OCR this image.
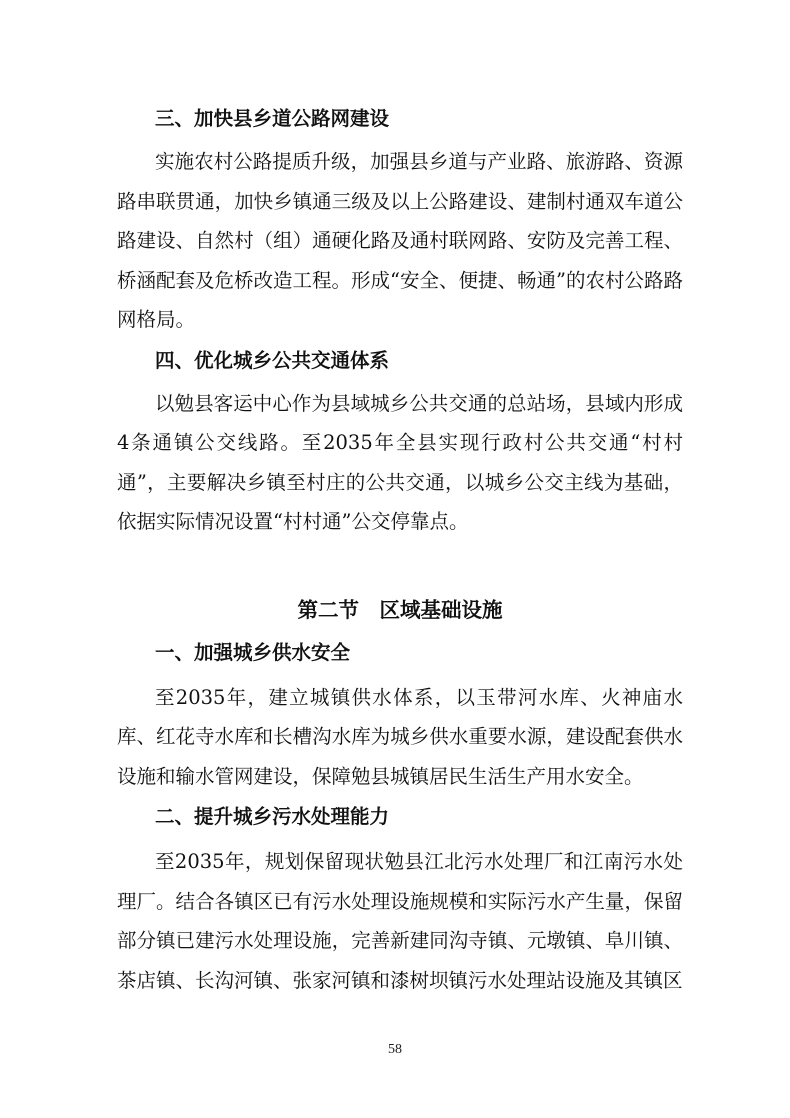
三、加快县乡道公路网建设

实施农村公路提质升级，加强县乡道与产业路、旅游路、资源路串联贯通，加快乡镇通三级及以上公路建设、建制村通双车道公路建设、自然村（组）通硬化路及通村联网路、安防及完善工程、桥涵配套及危桥改造工程。形成“安全、便捷、畅通”的农村公路路网格局。

四、优化城乡公共交通体系

以勉县客运中心作为县域城乡公共交通的总站场，县域内形成4条通镇公交线路。至2035年全县实现行政村公共交通“村村通”，主要解决乡镇至村庄的公共交通，以城乡公交主线为基础，依据实际情况设置“村村通”公交停靠点。

第二节　区域基础设施
一、加强城乡供水安全

至2035年，建立城镇供水体系，以玉带河水库、火神庙水库、红花寺水库和长槽沟水库为城乡供水重要水源，建设配套供水设施和输水管网建设，保障勉县城镇居民生活生产用水安全。

二、提升城乡污水处理能力

至2035年，规划保留现状勉县江北污水处理厂和江南污水处理厂。结合各镇区已有污水处理设施规模和实际污水产生量，保留部分镇已建污水处理设施，完善新建同沟寺镇、元墩镇、阜川镇、茶店镇、长沟河镇、张家河镇和漆树坝镇污水处理站设施及其镇区

58
